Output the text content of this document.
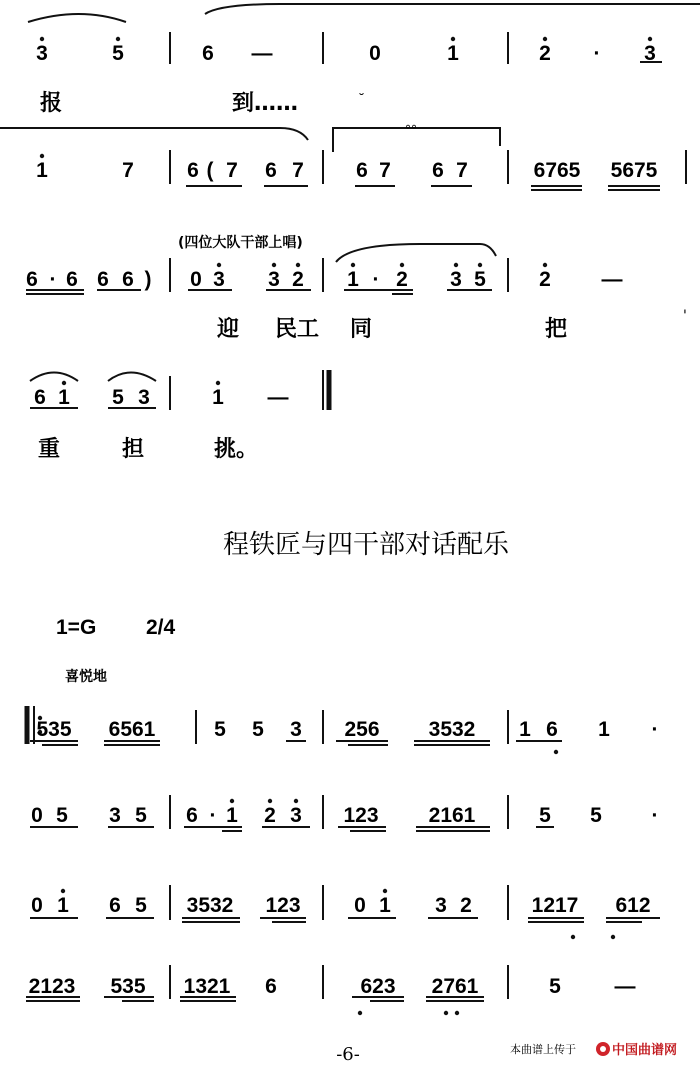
3	5	6 —	0	1	2 · 3
报	到……	˘
1	7	6 ( 7 6 7 6 7 6 7	6765 5675
°°
(四位大队干部上唱)
6 · 6 6 6 ) 0 3 3 2 1 · 2 3 5	2 —
迎 民工 同	把
'
6 1 5 3	1 —
重	担	挑。
程铁匠与四干部对话配乐
1=G 2/4
喜悦地
535 6561	5 5 3 256 3532 1 6 1 ·
0 5 3 5 6 · 1 2 3 123 2161	5 5 ·
0 1 6 5 3532 123	0 1 3 2	1217 612
2123 535 1321 6	623 2761	5	—
-6-	本曲谱上传于	中国曲谱网
